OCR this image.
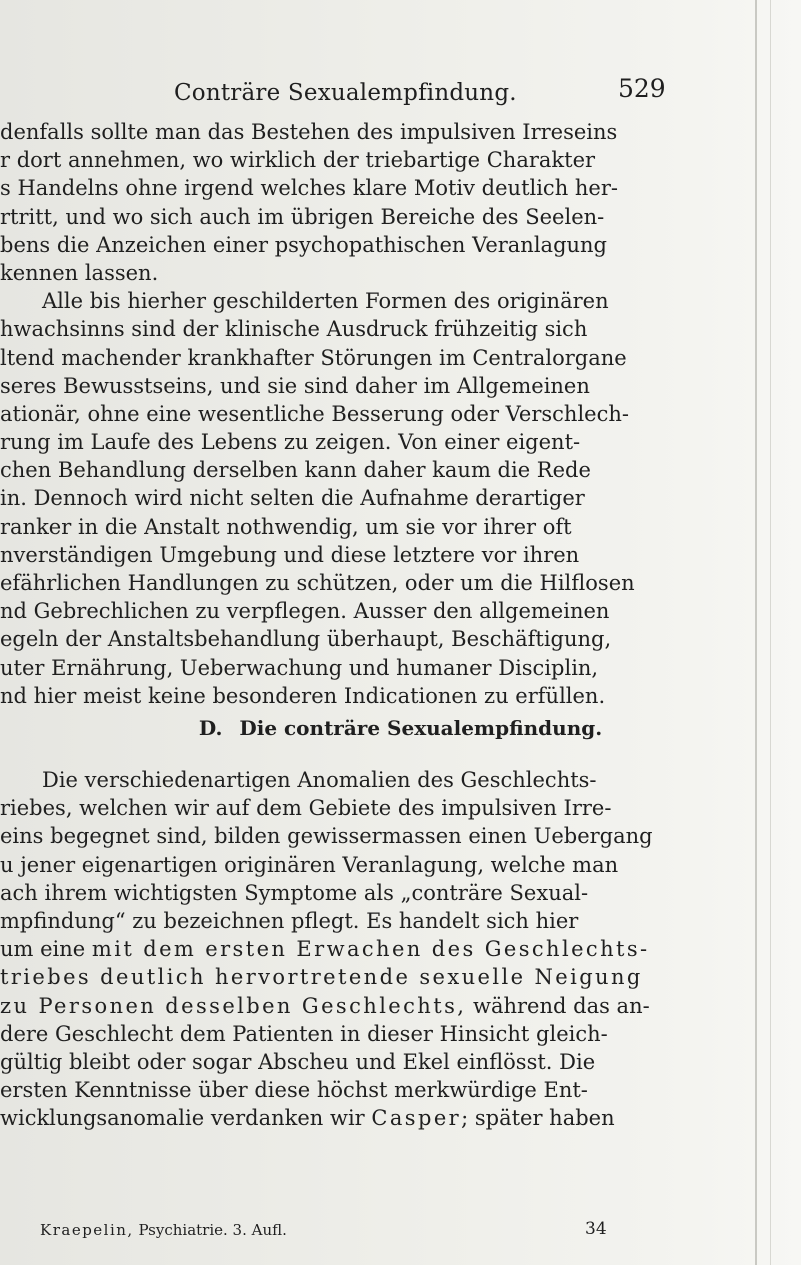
Conträre Sexualempfindung.	529
denfalls sollte man das Bestehen des impulsiven Irreseins
r dort annehmen, wo wirklich der triebartige Charakter
s Handelns ohne irgend welches klare Motiv deutlich her-
rtritt, und wo sich auch im übrigen Bereiche des Seelen-
bens die Anzeichen einer psychopathischen Veranlagung
kennen lassen.
Alle bis hierher geschilderten Formen des originären
hwachsinns sind der klinische Ausdruck frühzeitig sich
ltend machender krankhafter Störungen im Centralorgane
seres Bewusstseins, und sie sind daher im Allgemeinen
ationär, ohne eine wesentliche Besserung oder Verschlech-
rung im Laufe des Lebens zu zeigen. Von einer eigent-
chen Behandlung derselben kann daher kaum die Rede
in. Dennoch wird nicht selten die Aufnahme derartiger
ranker in die Anstalt nothwendig, um sie vor ihrer oft
nverständigen Umgebung und diese letztere vor ihren
efährlichen Handlungen zu schützen, oder um die Hilflosen
nd Gebrechlichen zu verpflegen. Ausser den allgemeinen
egeln der Anstaltsbehandlung überhaupt, Beschäftigung,
uter Ernährung, Ueberwachung und humaner Disciplin,
nd hier meist keine besonderen Indicationen zu erfüllen.
D. Die conträre Sexualempfindung.
Die verschiedenartigen Anomalien des Geschlechts-
riebes, welchen wir auf dem Gebiete des impulsiven Irre-
eins begegnet sind, bilden gewissermassen einen Uebergang
u jener eigenartigen originären Veranlagung, welche man
ach ihrem wichtigsten Symptome als „conträre Sexual-
mpfindung“ zu bezeichnen pflegt. Es handelt sich hier
um eine mit dem ersten Erwachen des Geschlechts-
triebes deutlich hervortretende sexuelle Neigung
zu Personen desselben Geschlechts, während das an-
dere Geschlecht dem Patienten in dieser Hinsicht gleich-
gültig bleibt oder sogar Abscheu und Ekel einflösst. Die
ersten Kenntnisse über diese höchst merkwürdige Ent-
wicklungsanomalie verdanken wir Casper; später haben
Kraepelin, Psychiatrie. 3. Aufl.	34
